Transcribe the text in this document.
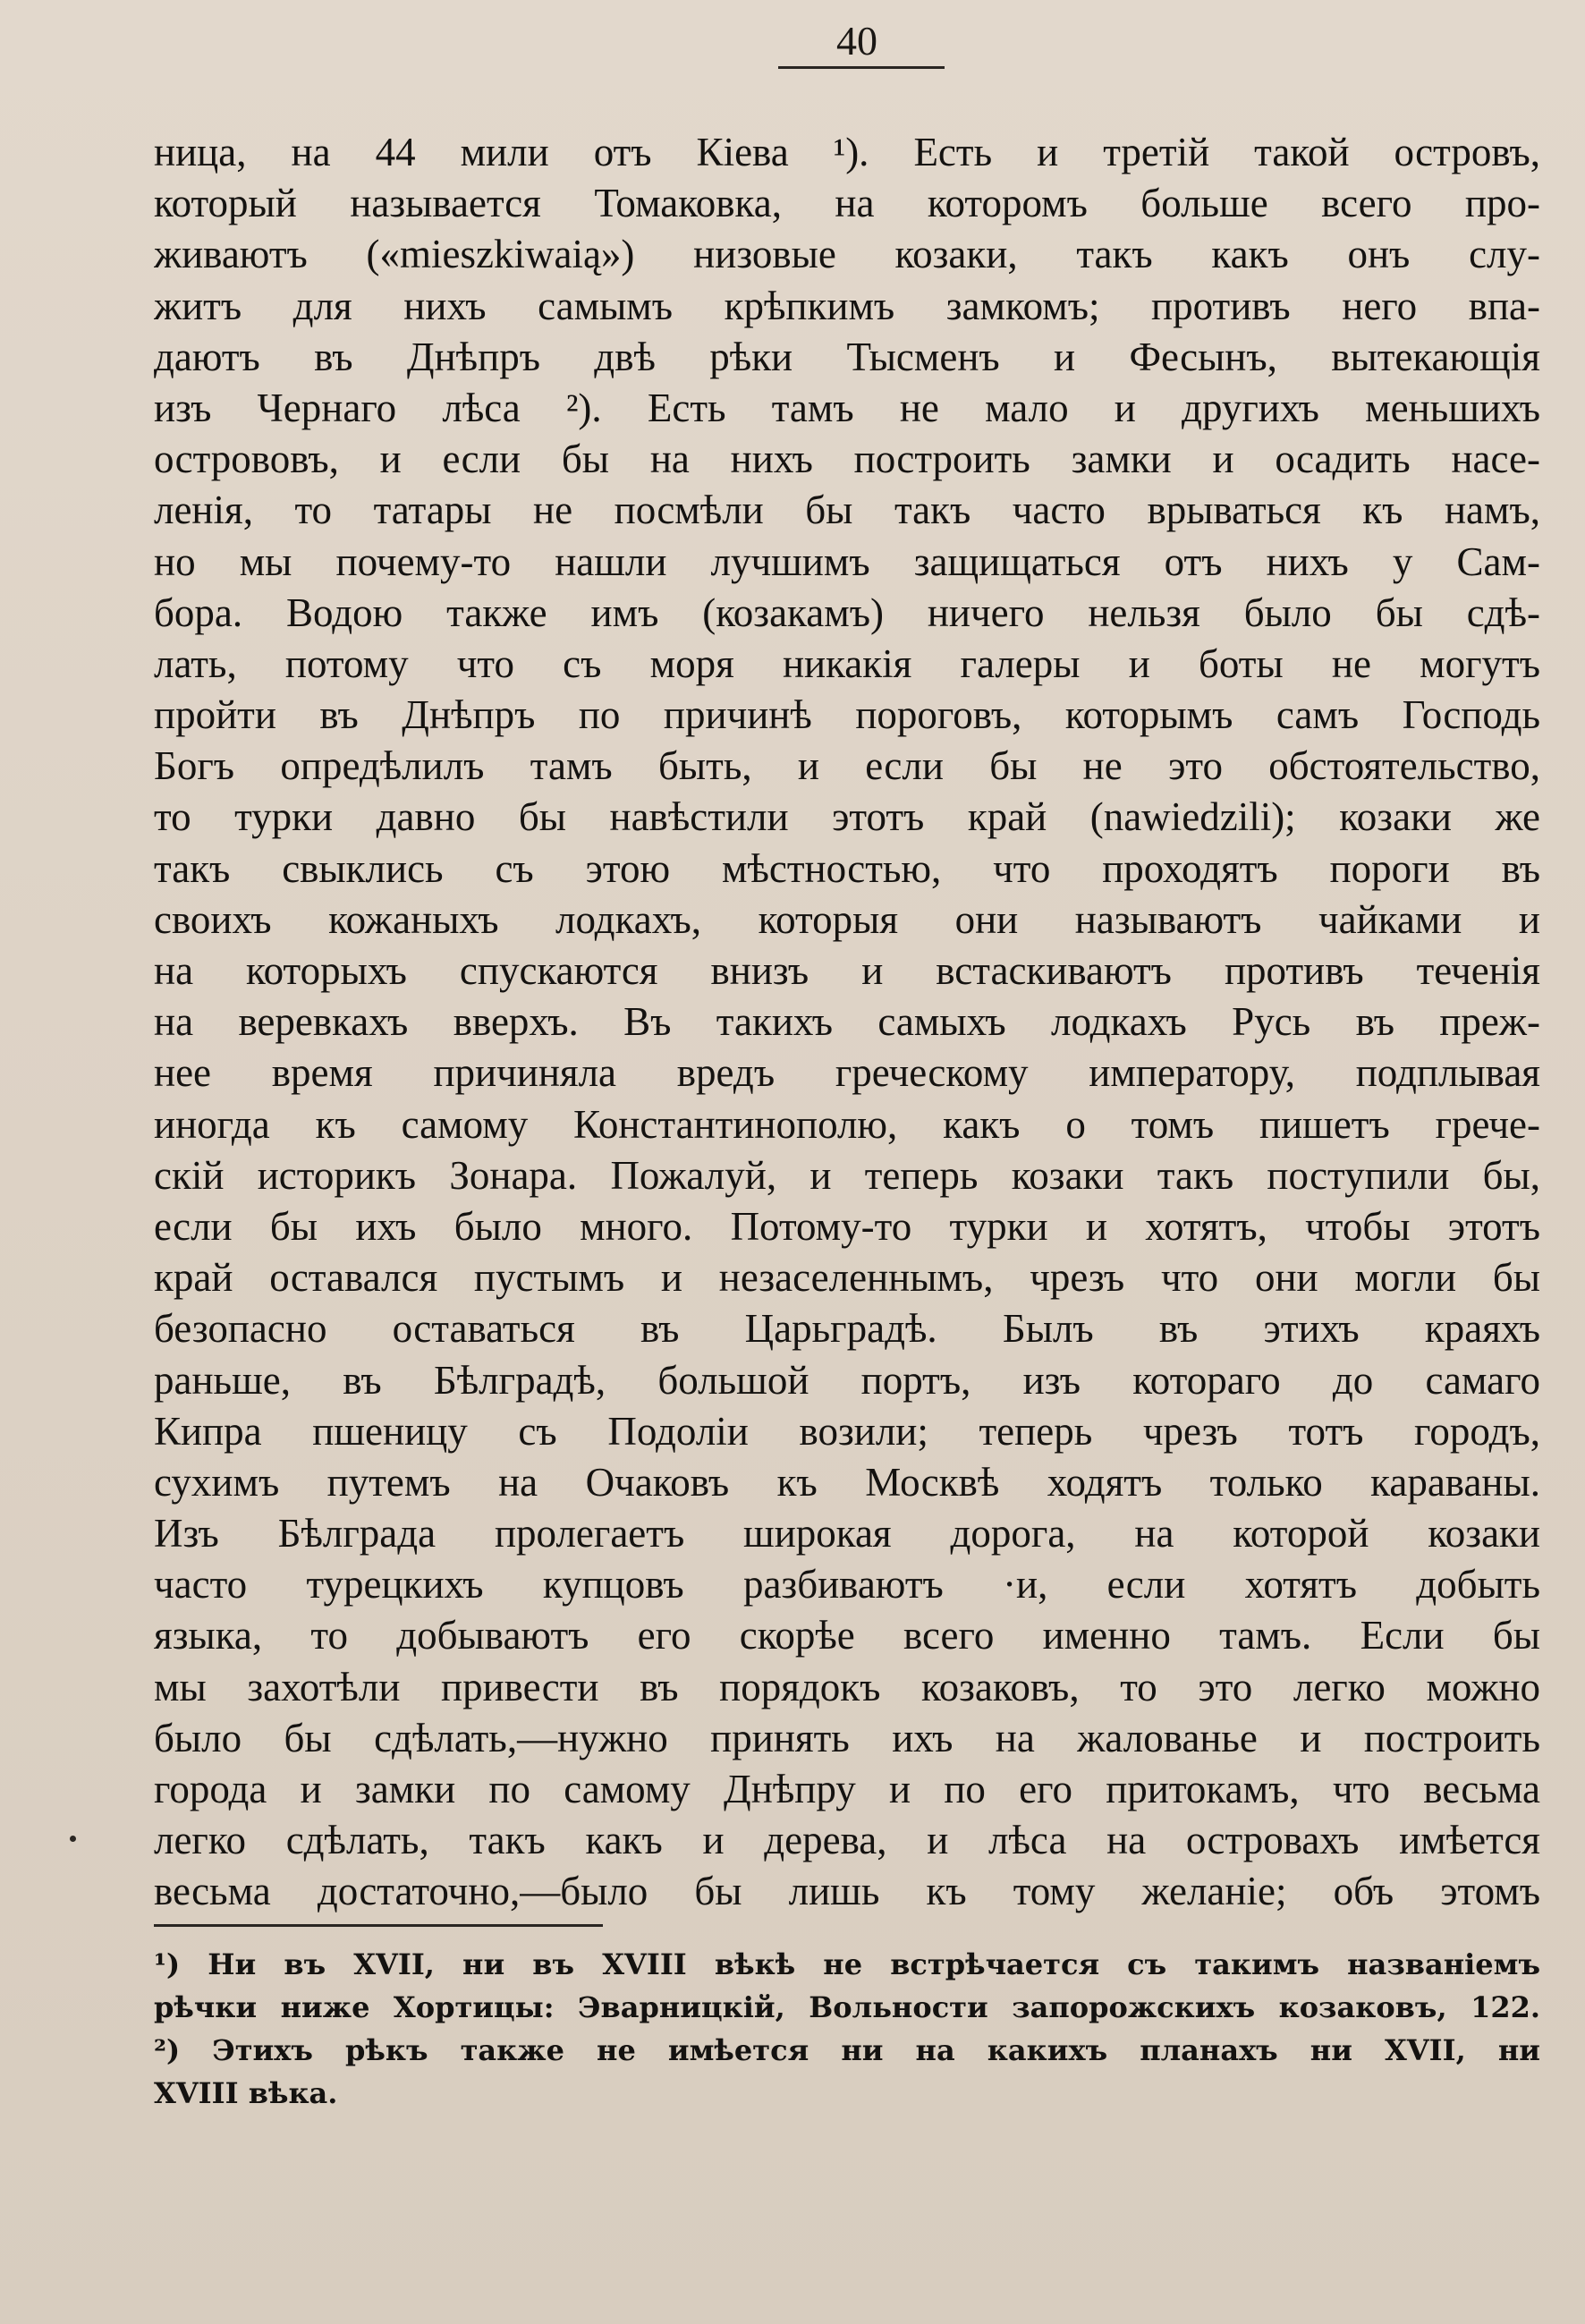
40
ница, на 44 мили отъ Кіева ¹). Есть и третій такой островъ,
который называется Томаковка, на которомъ больше всего про-
живаютъ («mieszkiwaią») низовые козаки, такъ какъ онъ слу-
житъ для нихъ самымъ крѣпкимъ замкомъ; противъ него впа-
даютъ въ Днѣпръ двѣ рѣки Тысменъ и Фесынъ, вытекающія
изъ Чернаго лѣса ²). Есть тамъ не мало и другихъ меньшихъ
острововъ, и если бы на нихъ построить замки и осадить насе-
ленія, то татары не посмѣли бы такъ часто врываться къ намъ,
но мы почему-то нашли лучшимъ защищаться отъ нихъ у Сам-
бора. Водою также имъ (козакамъ) ничего нельзя было бы сдѣ-
лать, потому что съ моря никакія галеры и боты не могутъ
пройти въ Днѣпръ по причинѣ пороговъ, которымъ самъ Господь
Богъ опредѣлилъ тамъ быть, и если бы не это обстоятельство,
то турки давно бы навѣстили этотъ край (nawiedzili); козаки же
такъ свыклись съ этою мѣстностью, что проходятъ пороги въ
своихъ кожаныхъ лодкахъ, которыя они называютъ чайками и
на которыхъ спускаются внизъ и встаскиваютъ противъ теченія
на веревкахъ вверхъ. Въ такихъ самыхъ лодкахъ Русь въ преж-
нее время причиняла вредъ греческому императору, подплывая
иногда къ самому Константинополю, какъ о томъ пишетъ грече-
скій историкъ Зонара. Пожалуй, и теперь козаки такъ поступили бы,
если бы ихъ было много. Потому-то турки и хотятъ, чтобы этотъ
край оставался пустымъ и незаселеннымъ, чрезъ что они могли бы
безопасно оставаться въ Царьградѣ. Былъ въ этихъ краяхъ
раньше, въ Бѣлградѣ, большой портъ, изъ котораго до самаго
Кипра пшеницу съ Подоліи возили; теперь чрезъ тотъ городъ,
сухимъ путемъ на Очаковъ къ Москвѣ ходятъ только караваны.
Изъ Бѣлграда пролегаетъ широкая дорога, на которой козаки
часто турецкихъ купцовъ разбиваютъ ·и, если хотятъ добыть
языка, то добываютъ его скорѣе всего именно тамъ. Если бы
мы захотѣли привести въ порядокъ козаковъ, то это легко можно
было бы сдѣлать,—нужно принять ихъ на жалованье и построить
города и замки по самому Днѣпру и по его притокамъ, что весьма
легко сдѣлать, такъ какъ и дерева, и лѣса на островахъ имѣется
весьма достаточно,—было бы лишь къ тому желаніе; объ этомъ
¹) Ни въ XVII, ни въ XVIII вѣкѣ не встрѣчается съ такимъ названіемъ
рѣчки ниже Хортицы: Эварницкій, Вольности запорожскихъ козаковъ, 122.
²) Этихъ рѣкъ также не имѣется ни на какихъ планахъ ни XVII, ни
XVIII вѣка.
